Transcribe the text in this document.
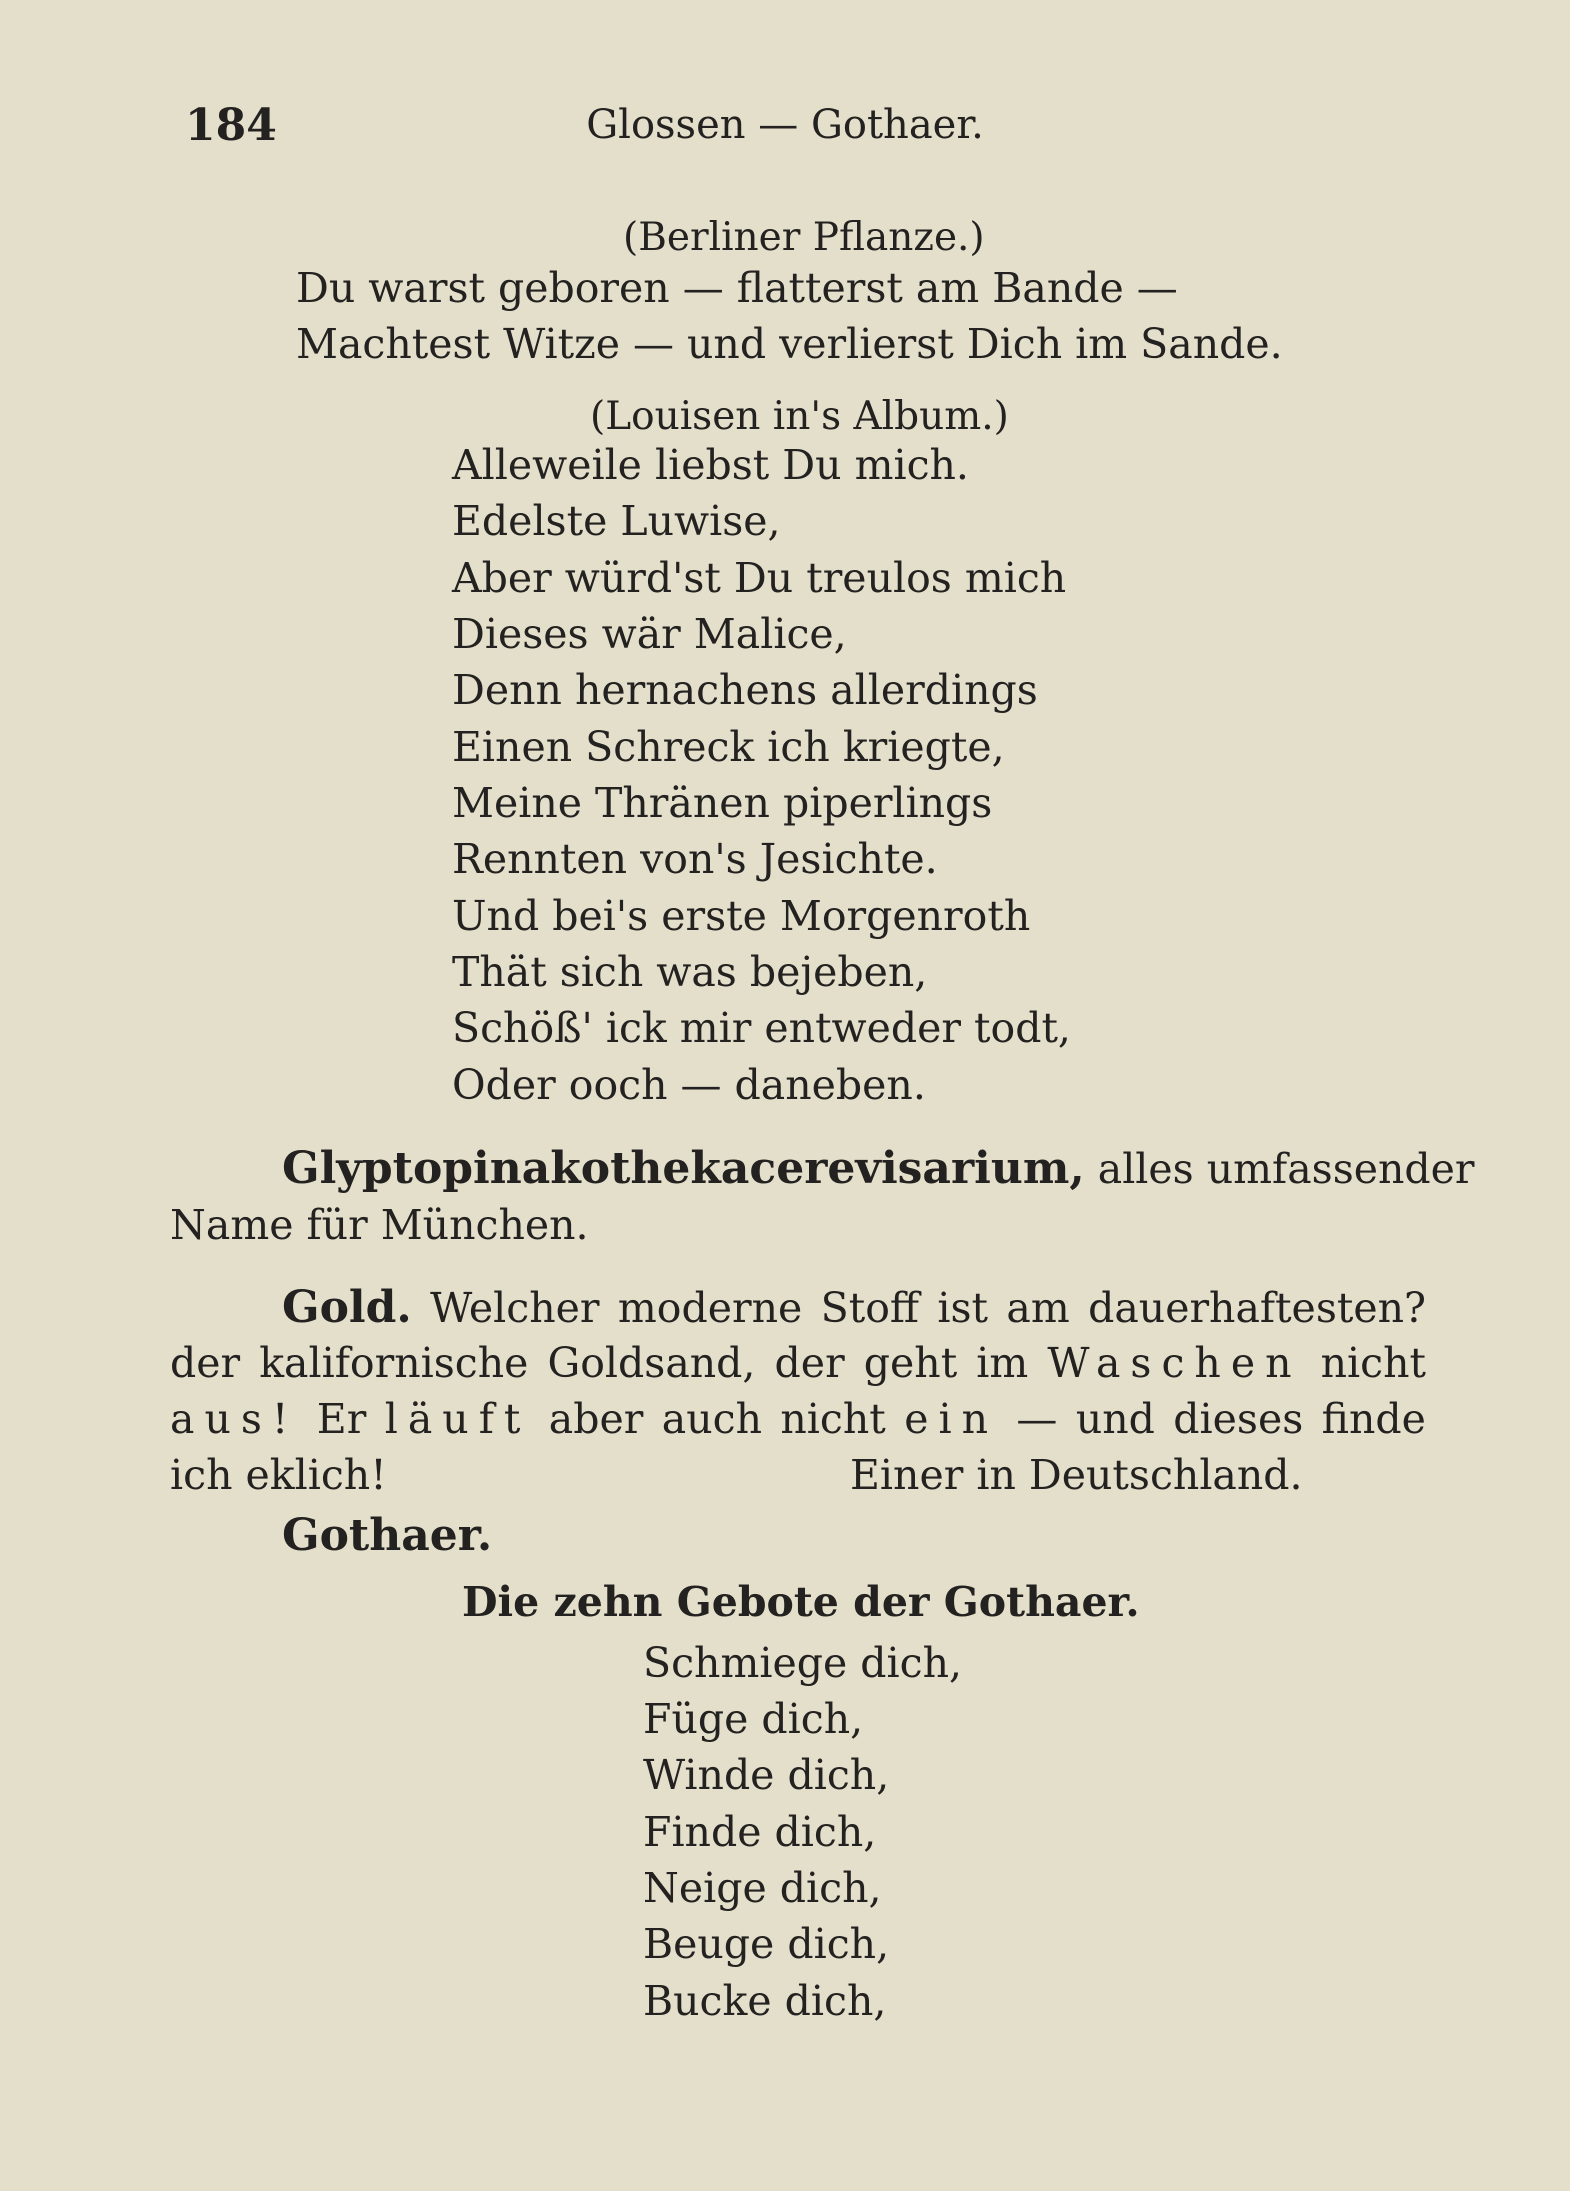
184	Glossen — Gothaer.
(Berliner Pflanze.)
Du warst geboren — flatterst am Bande —
Machtest Witze — und verlierst Dich im Sande.
(Louisen in's Album.)
Alleweile liebst Du mich.
Edelste Luwise,
Aber würd'st Du treulos mich
Dieses wär Malice,
Denn hernachens allerdings
Einen Schreck ich kriegte,
Meine Thränen piperlings
Rennten von's Jesichte.
Und bei's erste Morgenroth
Thät sich was bejeben,
Schöß' ick mir entweder todt,
Oder ooch — daneben.
Glyptopinakothekacerevisarium, alles umfassender
Name für München.
Gold. Welcher moderne Stoff ist am dauerhaftesten?
der kalifornische Goldsand, der geht im Waschen nicht
aus! Er läuft aber auch nicht ein — und dieses finde
ich eklich!	Einer in Deutschland.
Gothaer.
Die zehn Gebote der Gothaer.
Schmiege dich,
Füge dich,
Winde dich,
Finde dich,
Neige dich,
Beuge dich,
Bucke dich,
